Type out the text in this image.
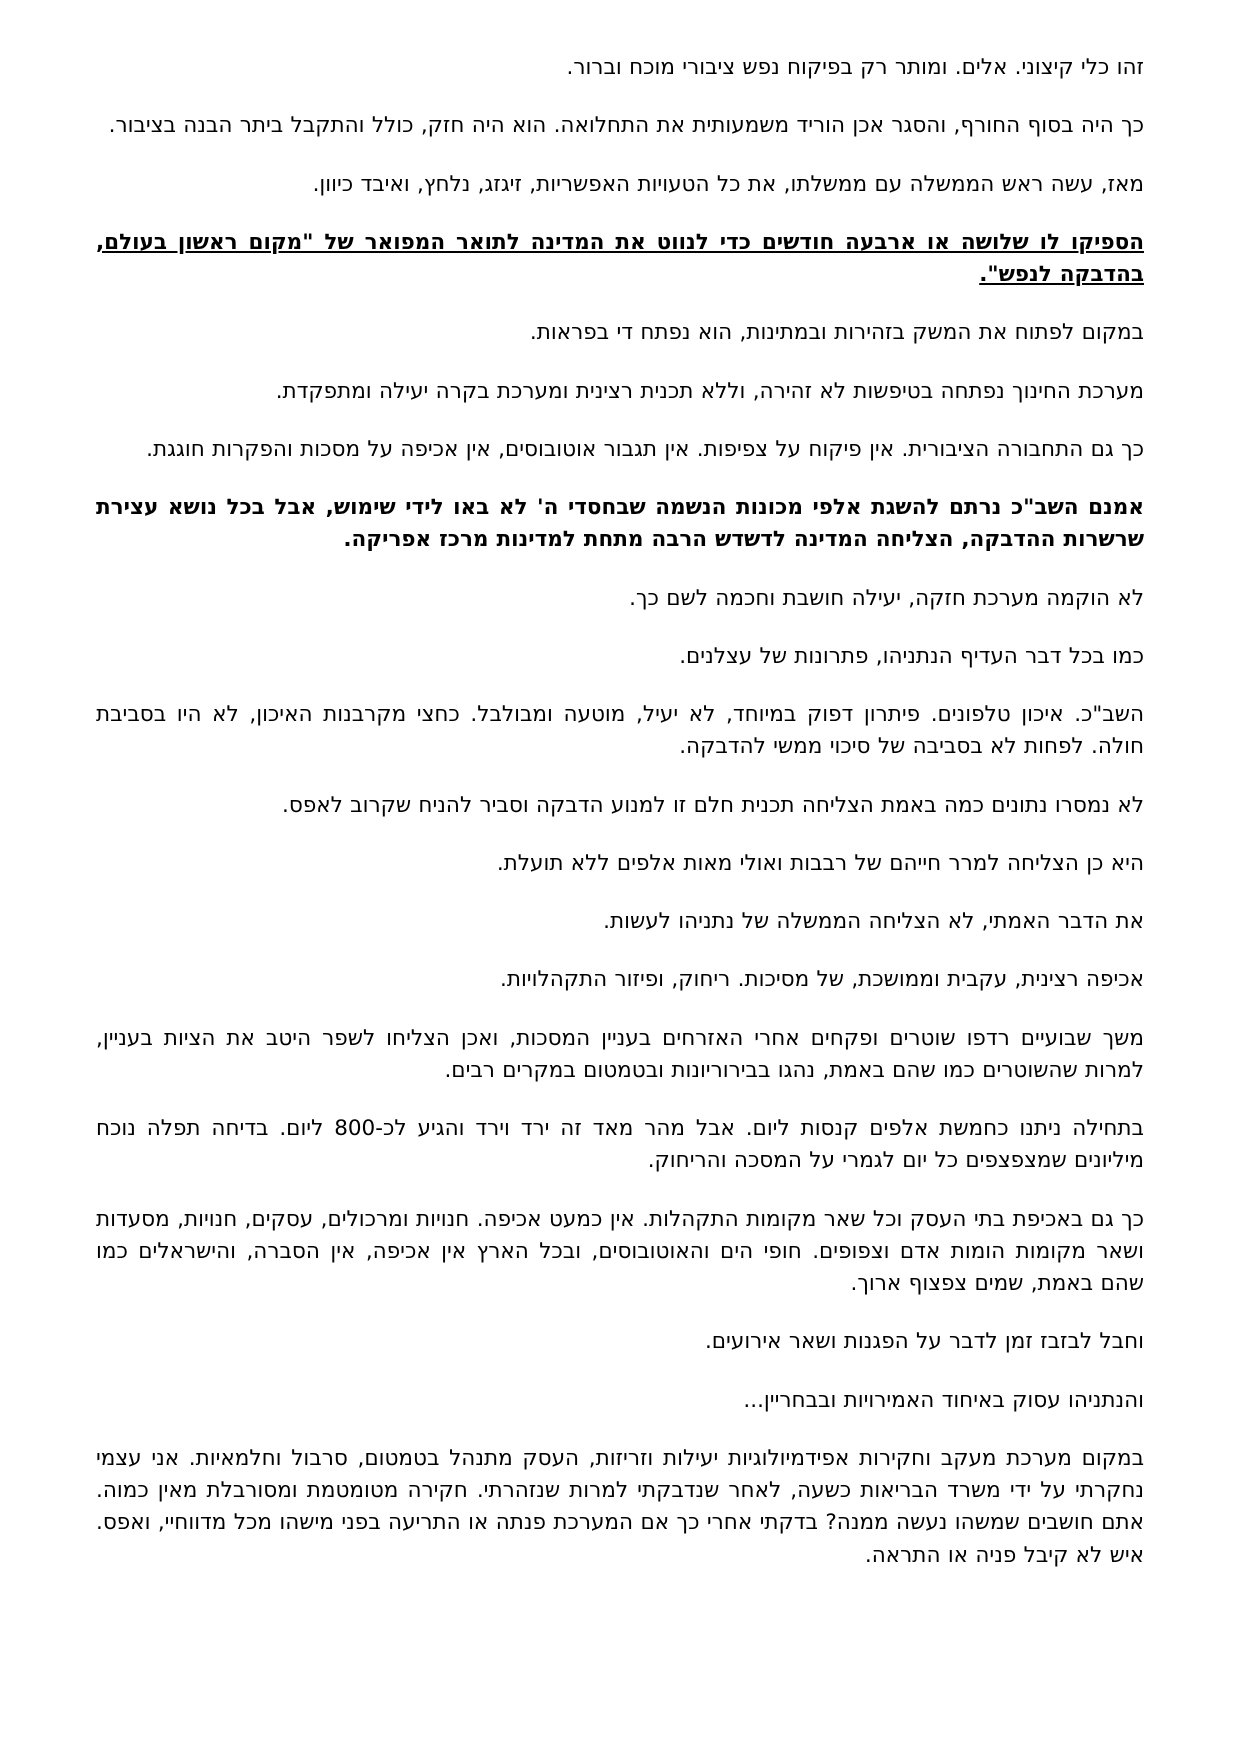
זהו כלי קיצוני. אלים. ומותר רק בפיקוח נפש ציבורי מוכח וברור.

כך היה בסוף החורף, והסגר אכן הוריד משמעותית את התחלואה. הוא היה חזק, כולל והתקבל ביתר הבנה בציבור.

מאז, עשה ראש הממשלה עם ממשלתו, את כל הטעויות האפשריות, זיגזג, נלחץ, ואיבד כיוון.

הספיקו לו שלושה או ארבעה חודשים כדי לנווט את המדינה לתואר המפואר של "מקום ראשון בעולם, בהדבקה לנפש".

במקום לפתוח את המשק בזהירות ובמתינות, הוא נפתח די בפראות.

מערכת החינוך נפתחה בטיפשות לא זהירה, וללא תכנית רצינית ומערכת בקרה יעילה ומתפקדת.

כך גם התחבורה הציבורית. אין פיקוח על צפיפות. אין תגבור אוטובוסים, אין אכיפה על מסכות והפקרות חוגגת.

אמנם השב"כ נרתם להשגת אלפי מכונות הנשמה שבחסדי ה' לא באו לידי שימוש, אבל בכל נושא עצירת שרשרות ההדבקה, הצליחה המדינה לדשדש הרבה מתחת למדינות מרכז אפריקה.

לא הוקמה מערכת חזקה, יעילה חושבת וחכמה לשם כך.

כמו בכל דבר העדיף הנתניהו, פתרונות של עצלנים.

השב"כ. איכון טלפונים. פיתרון דפוק במיוחד, לא יעיל, מוטעה ומבולבל. כחצי מקרבנות האיכון, לא היו בסביבת חולה. לפחות לא בסביבה של סיכוי ממשי להדבקה.

לא נמסרו נתונים כמה באמת הצליחה תכנית חלם זו למנוע הדבקה וסביר להניח שקרוב לאפס.

היא כן הצליחה למרר חייהם של רבבות ואולי מאות אלפים ללא תועלת.

את הדבר האמתי, לא הצליחה הממשלה של נתניהו לעשות.

אכיפה רצינית, עקבית וממושכת, של מסיכות. ריחוק, ופיזור התקהלויות.

משך שבועיים רדפו שוטרים ופקחים אחרי האזרחים בעניין המסכות, ואכן הצליחו לשפר היטב את הציות בעניין, למרות שהשוטרים כמו שהם באמת, נהגו בבירוריונות ובטמטום במקרים רבים.

בתחילה ניתנו כחמשת אלפים קנסות ליום. אבל מהר מאד זה ירד וירד והגיע לכ-800 ליום. בדיחה תפלה נוכח מיליונים שמצפצפים כל יום לגמרי על המסכה והריחוק.

כך גם באכיפת בתי העסק וכל שאר מקומות התקהלות. אין כמעט אכיפה. חנויות ומרכולים, עסקים, חנויות, מסעדות ושאר מקומות הומות אדם וצפופים. חופי הים והאוטובוסים, ובכל הארץ אין אכיפה, אין הסברה, והישראלים כמו שהם באמת, שמים צפצוף ארוך.

וחבל לבזבז זמן לדבר על הפגנות ושאר אירועים.

והנתניהו עסוק באיחוד האמירויות ובבחריין...

במקום מערכת מעקב וחקירות אפידמיולוגיות יעילות וזריזות, העסק מתנהל בטמטום, סרבול וחלמאיות. אני עצמי נחקרתי על ידי משרד הבריאות כשעה, לאחר שנדבקתי למרות שנזהרתי. חקירה מטומטמת ומסורבלת מאין כמוה. אתם חושבים שמשהו נעשה ממנה? בדקתי אחרי כך אם המערכת פנתה או התריעה בפני מישהו מכל מדווחיי, ואפס. איש לא קיבל פניה או התראה.
